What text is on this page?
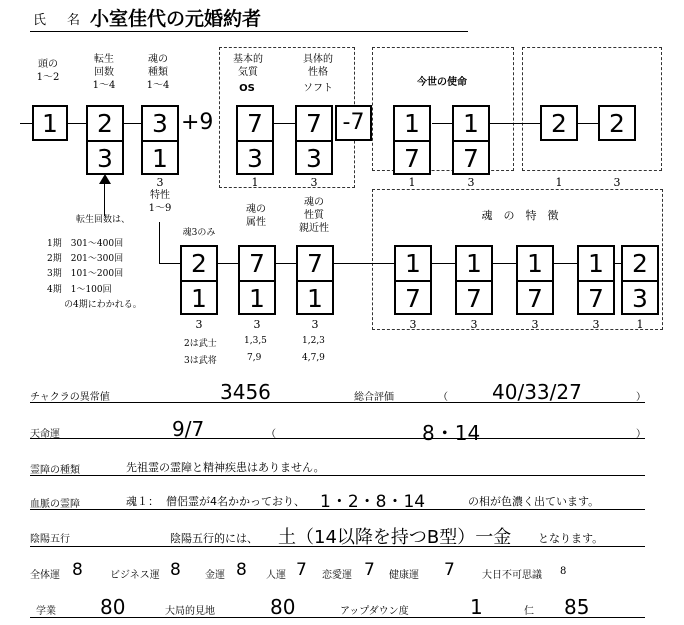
氏　名 小室佳代の元婚約者
頭の
1〜2
転生
回数
1〜4
魂の
種類
1〜4
基本的
気質
OS
具体的
性格
ソフト
今世の使命
1	2
3
3
1
+9	7
3
7
3
-7	1
7
1
7
2	2
3	1	3	1	3	1	3
特性
1〜9
転生回数は、
1期　301〜400回
2期　201〜300回
3期　101〜200回
4期　1〜100回
の4期にわかれる。
魂3のみ
魂の
属性
魂の
性質
親近性
魂　の　特　徴
2
1
7
1
7
1
1
7
1
7
1
7
1
7
2
3
3	3	3	3	3	3	3	1
2は武士	1,3,5	1,2,3
3は武将	7,9	4,7,9
チャクラの異常値	3456	総合評価	（ 40/33/27	）
天命運	9/7	（	8・14	）
霊障の種類	先祖霊の霊障と精神疾患はありません。
血脈の霊障	魂１： 僧侶霊が4名かかっており、 1・2・8・14	の相が色濃く出ています。
陰陽五行	陰陽五行的には、 土（14以降を持つB型）一金 となります。
全体運 8	ビジネス運 8 金運 8 人運 7 恋愛運 7 健康運 7	大日不可思議 8
学業 80	大局的見地	80	アップダウン度	1	仁 85
